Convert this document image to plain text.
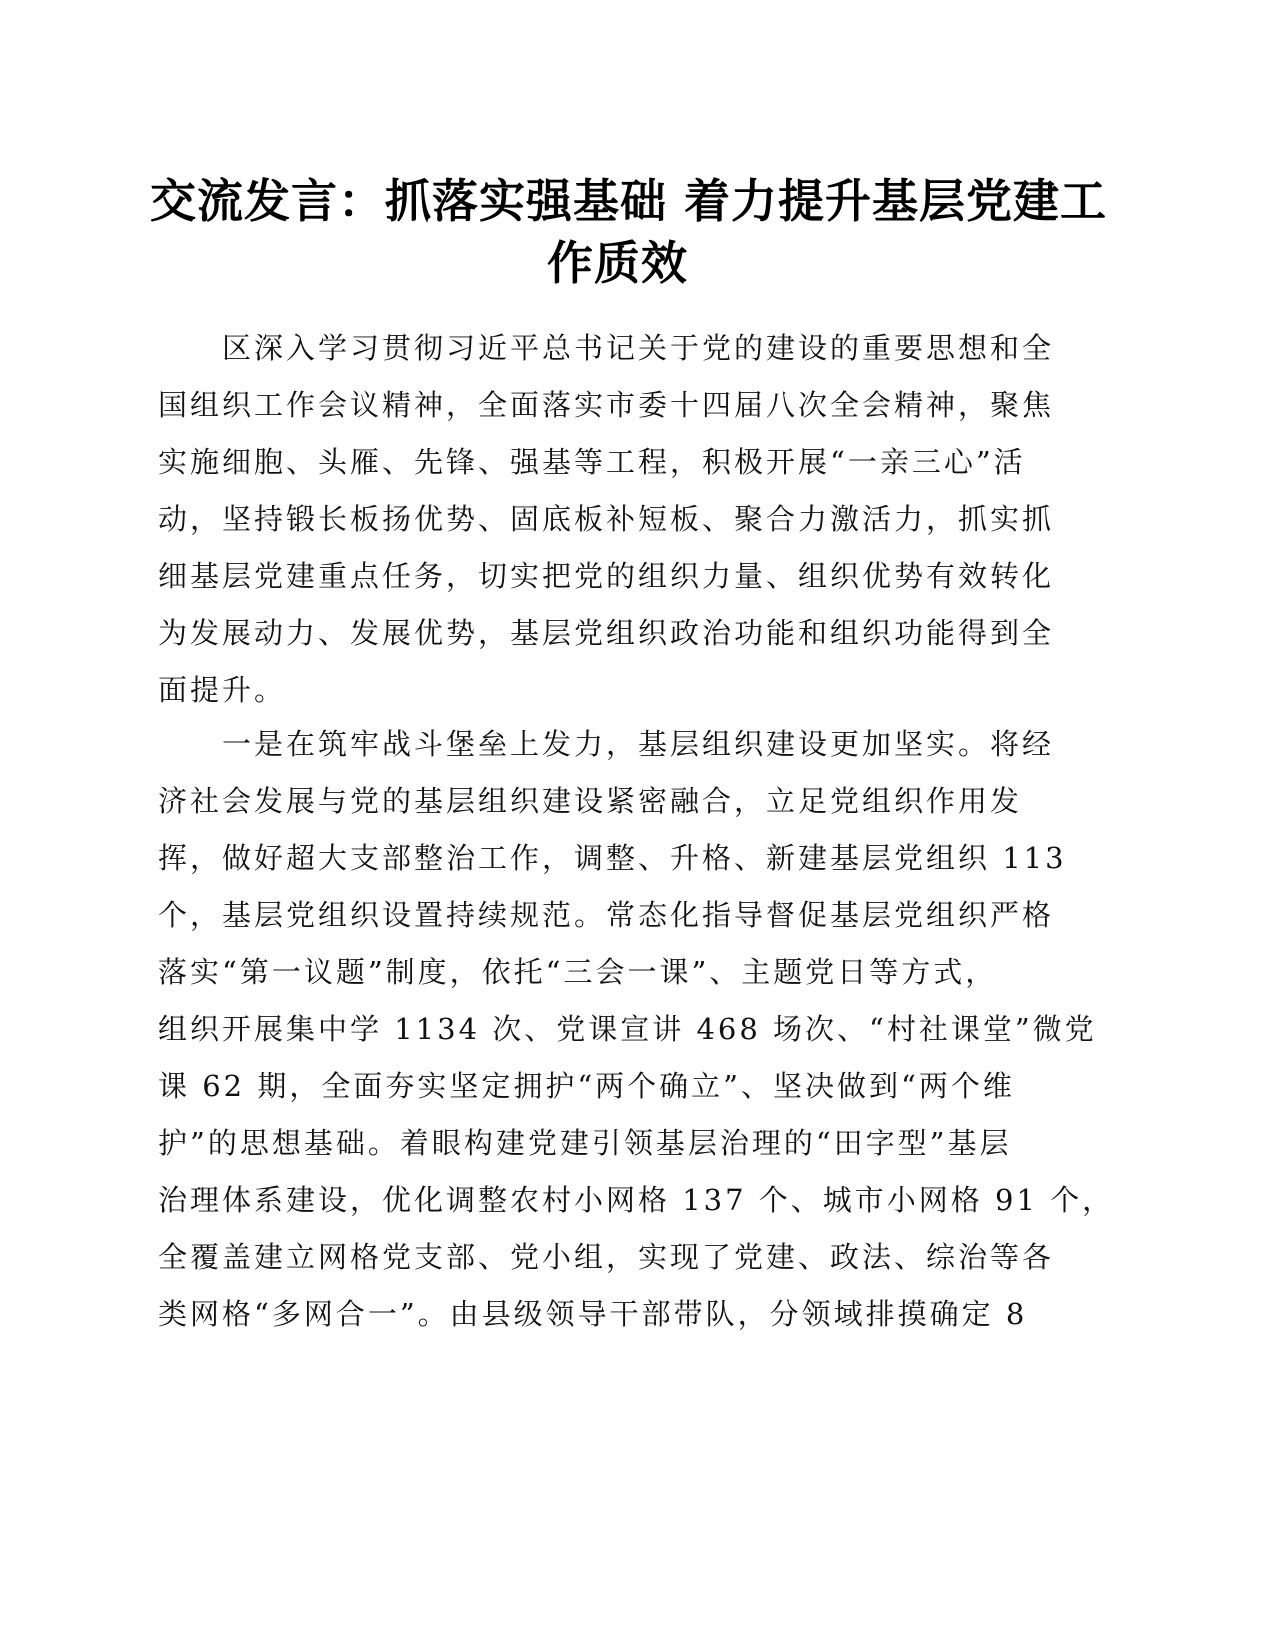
交流发言：抓落实强基础 着力提升基层党建工
作质效
　　区深入学习贯彻习近平总书记关于党的建设的重要思想和全
国组织工作会议精神，全面落实市委十四届八次全会精神，聚焦
实施细胞、头雁、先锋、强基等工程，积极开展“一亲三心”活
动，坚持锻长板扬优势、固底板补短板、聚合力激活力，抓实抓
细基层党建重点任务，切实把党的组织力量、组织优势有效转化
为发展动力、发展优势，基层党组织政治功能和组织功能得到全
面提升。
　　一是在筑牢战斗堡垒上发力，基层组织建设更加坚实。将经
济社会发展与党的基层组织建设紧密融合，立足党组织作用发
挥，做好超大支部整治工作，调整、升格、新建基层党组织 113
个，基层党组织设置持续规范。常态化指导督促基层党组织严格
落实“第一议题”制度，依托“三会一课”、主题党日等方式，
组织开展集中学 1134 次、党课宣讲 468 场次、“村社课堂”微党
课 62 期，全面夯实坚定拥护“两个确立”、坚决做到“两个维
护”的思想基础。着眼构建党建引领基层治理的“田字型”基层
治理体系建设，优化调整农村小网格 137 个、城市小网格 91 个，
全覆盖建立网格党支部、党小组，实现了党建、政法、综治等各
类网格“多网合一”。由县级领导干部带队，分领域排摸确定 8
